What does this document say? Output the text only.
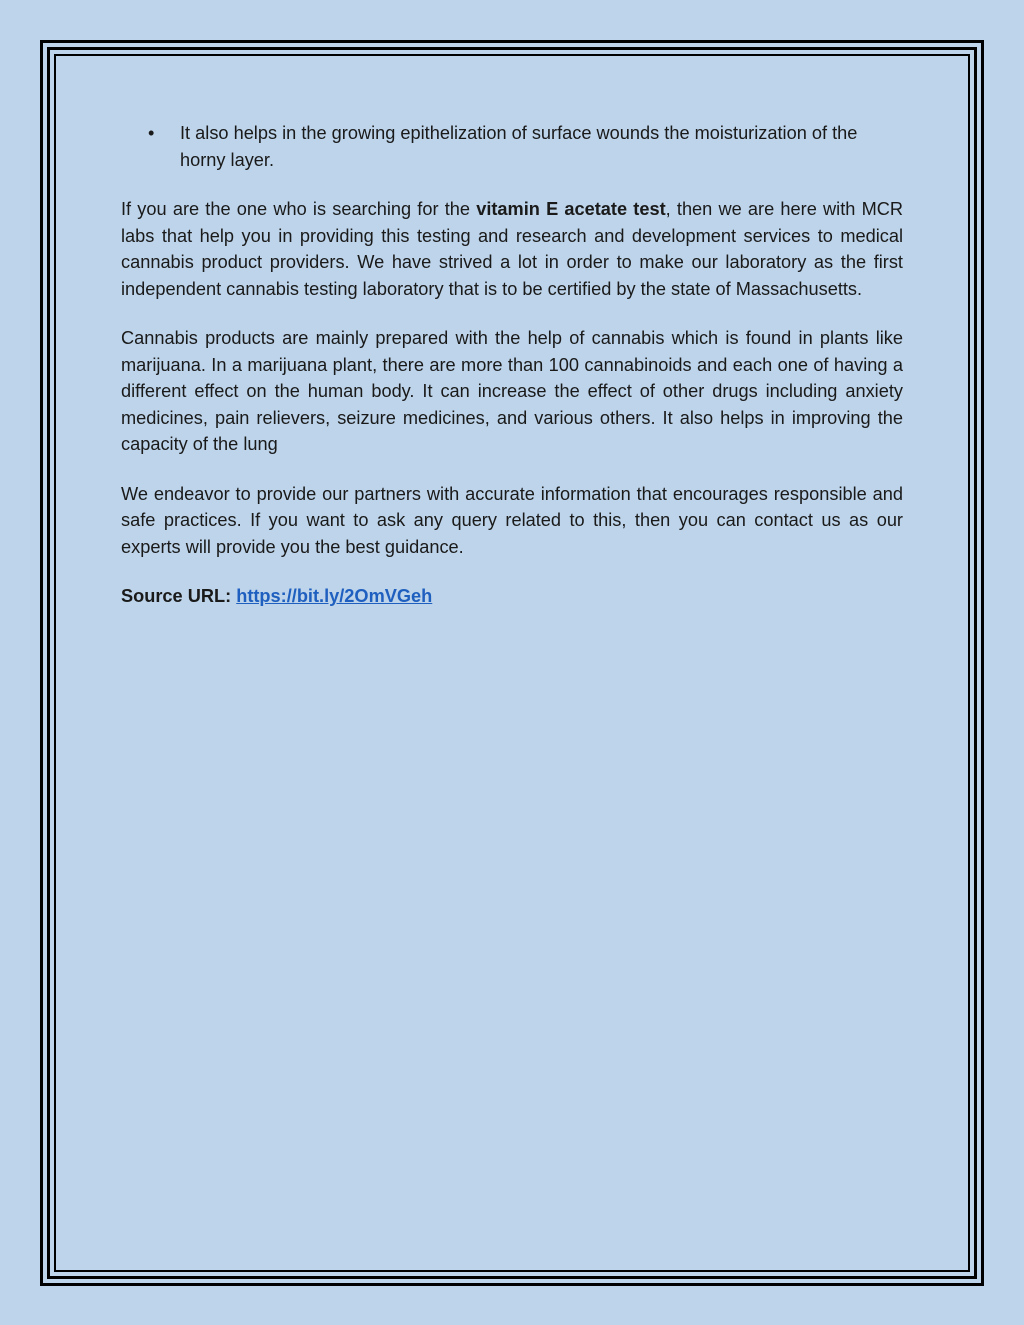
• It also helps in the growing epithelization of surface wounds the moisturization of the horny layer.

If you are the one who is searching for the vitamin E acetate test, then we are here with MCR labs that help you in providing this testing and research and development services to medical cannabis product providers. We have strived a lot in order to make our laboratory as the first independent cannabis testing laboratory that is to be certified by the state of Massachusetts.

Cannabis products are mainly prepared with the help of cannabis which is found in plants like marijuana. In a marijuana plant, there are more than 100 cannabinoids and each one of having a different effect on the human body. It can increase the effect of other drugs including anxiety medicines, pain relievers, seizure medicines, and various others. It also helps in improving the capacity of the lung

We endeavor to provide our partners with accurate information that encourages responsible and safe practices. If you want to ask any query related to this, then you can contact us as our experts will provide you the best guidance.

Source URL: https://bit.ly/2OmVGeh
